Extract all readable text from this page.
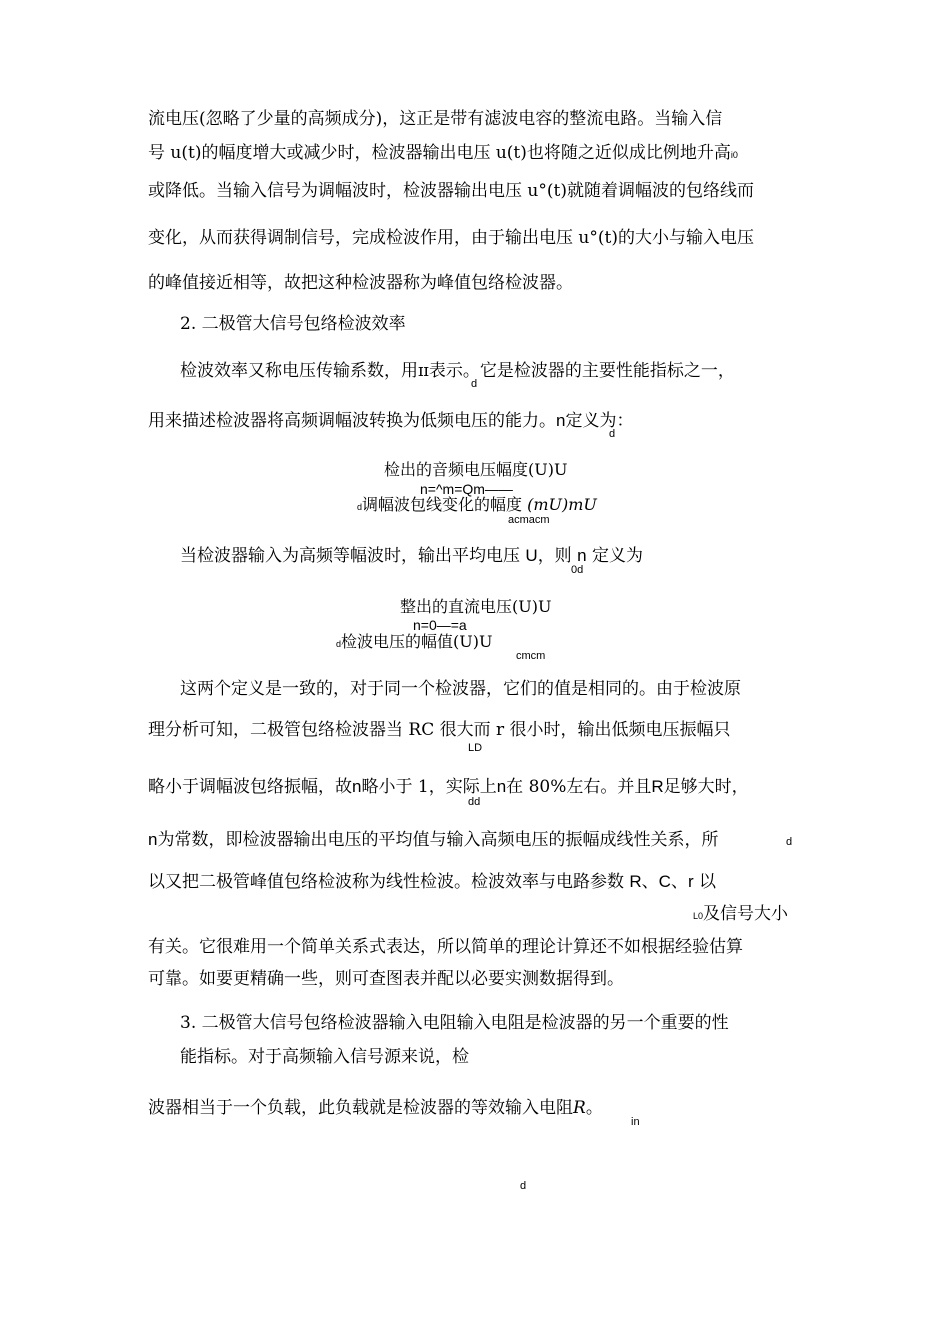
流电压(忽略了少量的高频成分)，这正是带有滤波电容的整流电路。当输入信
号 u(t)的幅度增大或减少时，检波器输出电压 u(t)也将随之近似成比例地升高i0
或降低。当输入信号为调幅波时，检波器输出电压 u°(t)就随着调幅波的包络线而
变化，从而获得调制信号，完成检波作用，由于输出电压 u°(t)的大小与输入电压
的峰值接近相等，故把这种检波器称为峰值包络检波器。
2. 二极管大信号包络检波效率
检波效率又称电压传输系数，用ɪɪ表示。它是检波器的主要性能指标之一，
d
用来描述检波器将高频调幅波转换为低频电压的能力。n定义为：
d
检出的音频电压幅度(U)U
n=^m=Qm——
d调幅波包线变化的幅度 (mU)mU
acmacm
当检波器输入为高频等幅波时，输出平均电压 U，则 n 定义为
0d
整出的直流电压(U)U
n=0—=a
d检波电压的幅值(U)U
cmcm
这两个定义是一致的，对于同一个检波器，它们的值是相同的。由于检波原
理分析可知，二极管包络检波器当 RC 很大而 r 很小时，输出低频电压振幅只
LD
略小于调幅波包络振幅，故n略小于 1，实际上n在 80%左右。并且R足够大时，
dd
n为常数，即检波器输出电压的平均值与输入高频电压的振幅成线性关系，所	d
以又把二极管峰值包络检波称为线性检波。检波效率与电路参数 R、C、r 以
L0及信号大小
有关。它很难用一个简单关系式表达，所以简单的理论计算还不如根据经验估算
可靠。如要更精确一些，则可查图表并配以必要实测数据得到。
3. 二极管大信号包络检波器输入电阻输入电阻是检波器的另一个重要的性
能指标。对于高频输入信号源来说，检
波器相当于一个负载，此负载就是检波器的等效输入电阻R。
in
d
